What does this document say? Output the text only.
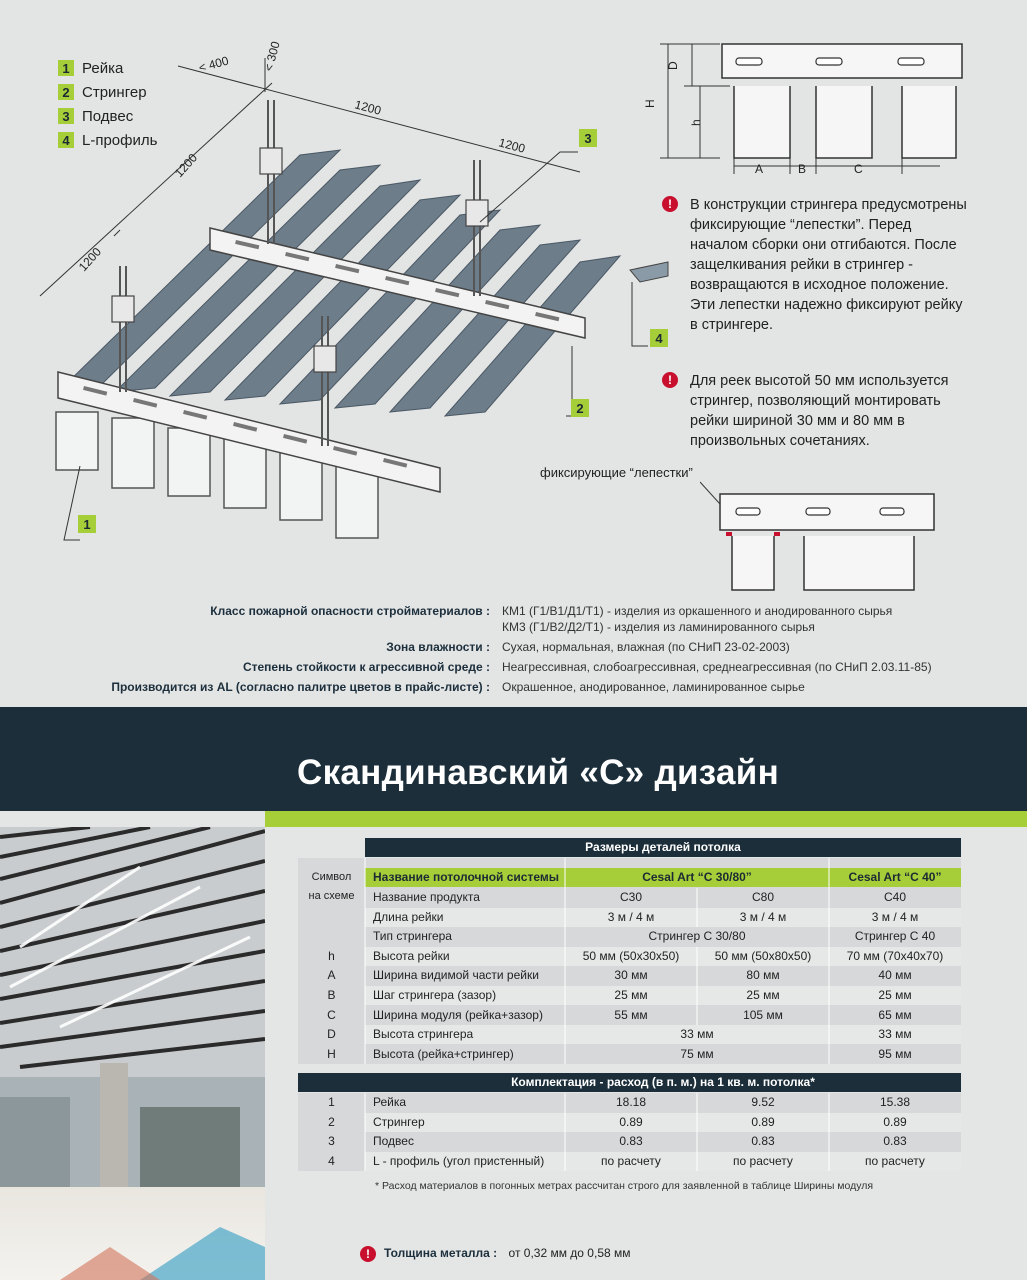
1 Рейка
2 Стрингер
3 Подвес
4 L-профиль
< 400	< 300
1200
1200
1200
1200
3
4
2
1
D
H
h
A	B	C
!	В конструкции стрингера предусмотрены фиксирующие “лепестки”. Перед началом сборки они отгибаются. После защелкивания рейки в стрингер - возвращаются в исходное положение. Эти лепестки надежно фиксируют рейку в стрингере.
!	Для реек высотой 50 мм используется стрингер, позволяющий монтировать рейки шириной 30 мм и 80 мм в произвольных сочетаниях.
фиксирующие “лепестки”
Класс пожарной опасности стройматериалов : КМ1 (Г1/В1/Д1/Т1) - изделия из оркашенного и анодированного сырья
КМ3 (Г1/В2/Д2/Т1) - изделия из ламинированного сырья
Зона влажности : Сухая, нормальная, влажная (по СНиП 23-02-2003)
Степень стойкости к агрессивной среде : Неагрессивная, слобоагрессивная, среднеагрессивная (по СНиП 2.03.11-85)
Производится из AL (согласно палитре цветов в прайс-листе) : Окрашенное, анодированное, ламинированное сырье
Скандинавский «С» дизайн
Размеры деталей потолка
Символ
на схеме
Название потолочной системы	Cesal Art “С 30/80”	Cesal Art “С 40”
Название продукта	С30	С80	С40
Длина рейки	3 м / 4 м	3 м / 4 м	3 м / 4 м
Тип стрингера	Стрингер С 30/80	Стрингер С 40
h	Высота рейки	50 мм (50х30х50)	50 мм (50х80х50)	70 мм (70х40х70)
A	Ширина видимой части рейки	30 мм	80 мм	40 мм
B	Шаг стрингера (зазор)	25 мм	25 мм	25 мм
C	Ширина модуля (рейка+зазор)	55 мм	105 мм	65 мм
D	Высота стрингера	33 мм	33 мм
H	Высота (рейка+стрингер)	75 мм	95 мм
Комплектация - расход (в п. м.) на 1 кв. м. потолка*
1	Рейка	18.18	9.52	15.38
2	Стрингер	0.89	0.89	0.89
3	Подвес	0.83	0.83	0.83
4	L - профиль (угол пристенный)	по расчету	по расчету	по расчету
* Расход материалов в погонных метрах рассчитан строго для заявленной в таблице Ширины модуля
!	Толщина металла : от 0,32 мм до 0,58 мм
